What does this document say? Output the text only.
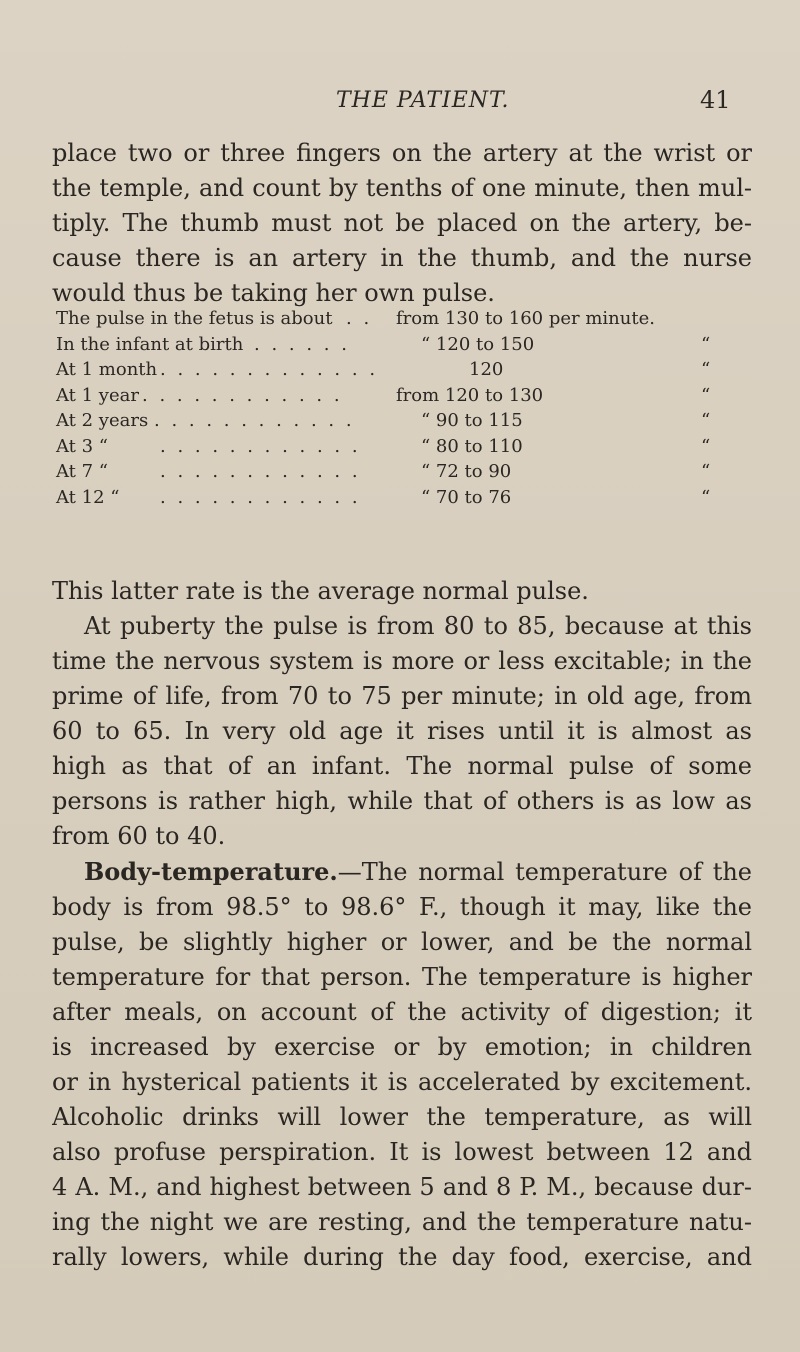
THE PATIENT.	41
place two or three fingers on the artery at the wrist or
the temple, and count by tenths of one minute, then mul-
tiply. The thumb must not be placed on the artery, be-
cause there is an artery in the thumb, and the nurse
would thus be taking her own pulse.
The pulse in the fetus is about . . from 130 to 160 per minute.
In the infant at birth . . . . . .	“ 120 to 150	“
At 1 month . . . . . . . . . . . . .	120	“
At 1 year . . . . . . . . . . . .	from 120 to 130	“
At 2 years . . . . . . . . . . . .	“ 90 to 115	“
At 3 “	. . . . . . . . . . . .	“ 80 to 110	“
At 7 “	. . . . . . . . . . . .	“ 72 to 90	“
At 12 “ . . . . . . . . . . . .	“ 70 to 76	“
This latter rate is the average normal pulse.
At puberty the pulse is from 80 to 85, because at this
time the nervous system is more or less excitable; in the
prime of life, from 70 to 75 per minute; in old age, from
60 to 65. In very old age it rises until it is almost as
high as that of an infant. The normal pulse of some
persons is rather high, while that of others is as low as
from 60 to 40.
Body-temperature.—The normal temperature of the
body is from 98.5° to 98.6° F., though it may, like the
pulse, be slightly higher or lower, and be the normal
temperature for that person. The temperature is higher
after meals, on account of the activity of digestion; it
is increased by exercise or by emotion; in children
or in hysterical patients it is accelerated by excitement.
Alcoholic drinks will lower the temperature, as will
also profuse perspiration. It is lowest between 12 and
4 A. M., and highest between 5 and 8 P. M., because dur-
ing the night we are resting, and the temperature natu-
rally lowers, while during the day food, exercise, and
